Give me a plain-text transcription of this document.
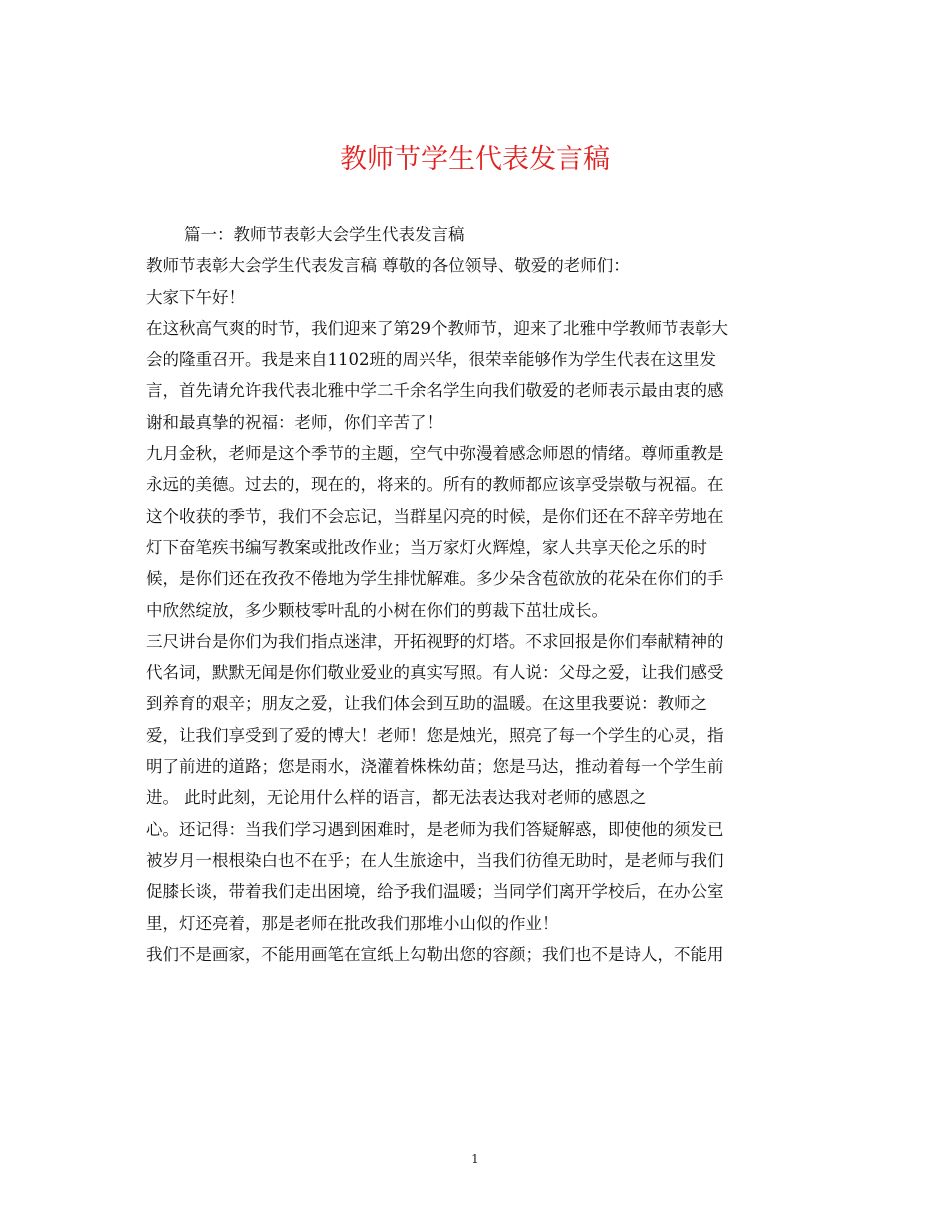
教师节学生代表发言稿
篇一：教师节表彰大会学生代表发言稿
教师节表彰大会学生代表发言稿 尊敬的各位领导、敬爱的老师们：
大家下午好！
在这秋高气爽的时节，我们迎来了第29个教师节，迎来了北雅中学教师节表彰大
会的隆重召开。我是来自1102班的周兴华，很荣幸能够作为学生代表在这里发
言，首先请允许我代表北雅中学二千余名学生向我们敬爱的老师表示最由衷的感
谢和最真挚的祝福：老师，你们辛苦了！
九月金秋，老师是这个季节的主题，空气中弥漫着感念师恩的情绪。尊师重教是
永远的美德。过去的，现在的，将来的。所有的教师都应该享受崇敬与祝福。在
这个收获的季节，我们不会忘记，当群星闪亮的时候，是你们还在不辞辛劳地在
灯下奋笔疾书编写教案或批改作业；当万家灯火辉煌，家人共享天伦之乐的时
候，是你们还在孜孜不倦地为学生排忧解难。多少朵含苞欲放的花朵在你们的手
中欣然绽放，多少颗枝零叶乱的小树在你们的剪裁下茁壮成长。
三尺讲台是你们为我们指点迷津，开拓视野的灯塔。不求回报是你们奉献精神的
代名词，默默无闻是你们敬业爱业的真实写照。有人说：父母之爱，让我们感受
到养育的艰辛；朋友之爱，让我们体会到互助的温暖。在这里我要说：教师之
爱，让我们享受到了爱的博大！老师！您是烛光，照亮了每一个学生的心灵，指
明了前进的道路；您是雨水，浇灌着株株幼苗；您是马达，推动着每一个学生前
进。 此时此刻，无论用什么样的语言，都无法表达我对老师的感恩之
心。还记得：当我们学习遇到困难时，是老师为我们答疑解惑，即使他的须发已
被岁月一根根染白也不在乎；在人生旅途中，当我们彷徨无助时，是老师与我们
促膝长谈，带着我们走出困境，给予我们温暖；当同学们离开学校后，在办公室
里，灯还亮着，那是老师在批改我们那堆小山似的作业！
我们不是画家，不能用画笔在宣纸上勾勒出您的容颜；我们也不是诗人，不能用
1
